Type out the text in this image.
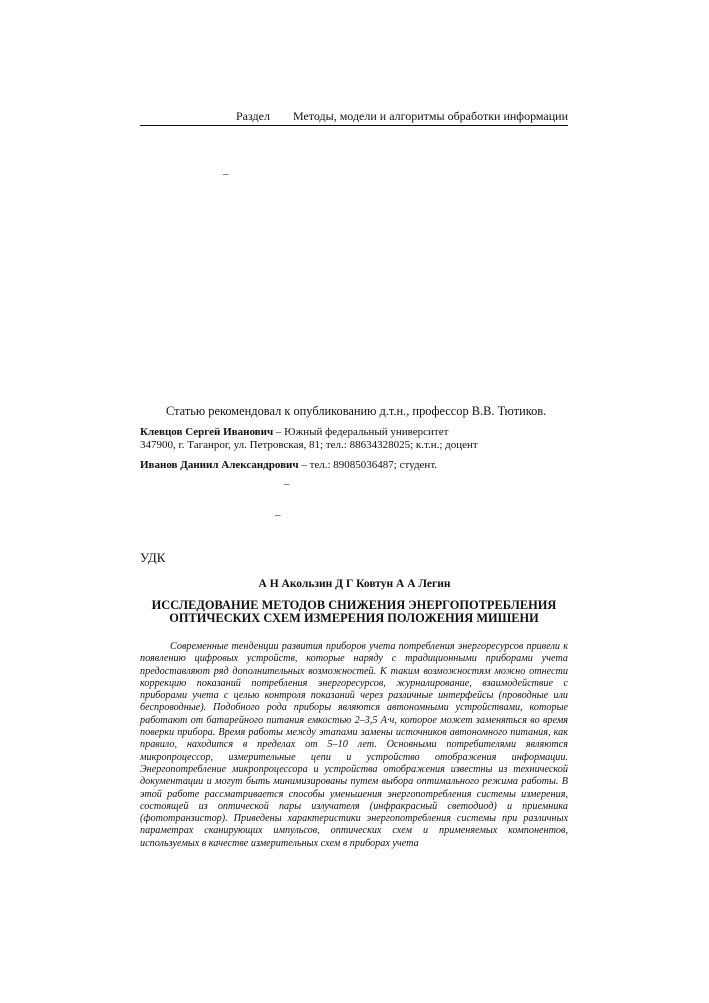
Раздел Методы, модели и алгоритмы обработки информации
–
Статью рекомендовал к опубликованию д.т.н., профессор В.В. Тютиков.
Клевцов Сергей Иванович – Южный федеральный университет
347900, г. Таганрог, ул. Петровская, 81; тел.: 88634328025; к.т.н.; доцент
Иванов Даниил Александрович – тел.: 89085036487; студент.
–
–
УДК
А Н Акользин Д Г Ковтун А А Легин
ИССЛЕДОВАНИЕ МЕТОДОВ СНИЖЕНИЯ ЭНЕРГОПОТРЕБЛЕНИЯ ОПТИЧЕСКИХ СХЕМ ИЗМЕРЕНИЯ ПОЛОЖЕНИЯ МИШЕНИ

Современные тенденции развития приборов учета потребления энергоресурсов привели к появлению цифровых устройств, которые наряду с традиционными приборами учета предоставляют ряд дополнительных возможностей. К таким возможностям можно отнести коррекцию показаний потребления энергоресурсов, журналирование, взаимодействие с приборами учета с целью контроля показаний через различные интерфейсы (проводные или беспроводные). Подобного рода приборы являются автономными устройствами, которые работают от батарейного питания емкостью 2–3,5 А·ч, которое может заменяться во время поверки прибора. Время работы между этапами замены источников автономного питания, как правило, находится в пределах от 5–10 лет. Основными потребителями являются микропроцессор, измерительные цепи и устройство отображения информации. Энергопотребление микропроцессора и устройства отображения известны из технической документации и могут быть минимизированы путем выбора оптимального режима работы. В этой работе рассматривается способы уменьшения энергопотребления системы измерения, состоящей из оптической пары излучателя (инфракрасный светодиод) и приемника (фототранзистор). Приведены характеристики энергопотребления системы при различных параметрах сканирующих импульсов, оптических схем и применяемых компонентов, используемых в качестве измерительных схем в приборах учета
